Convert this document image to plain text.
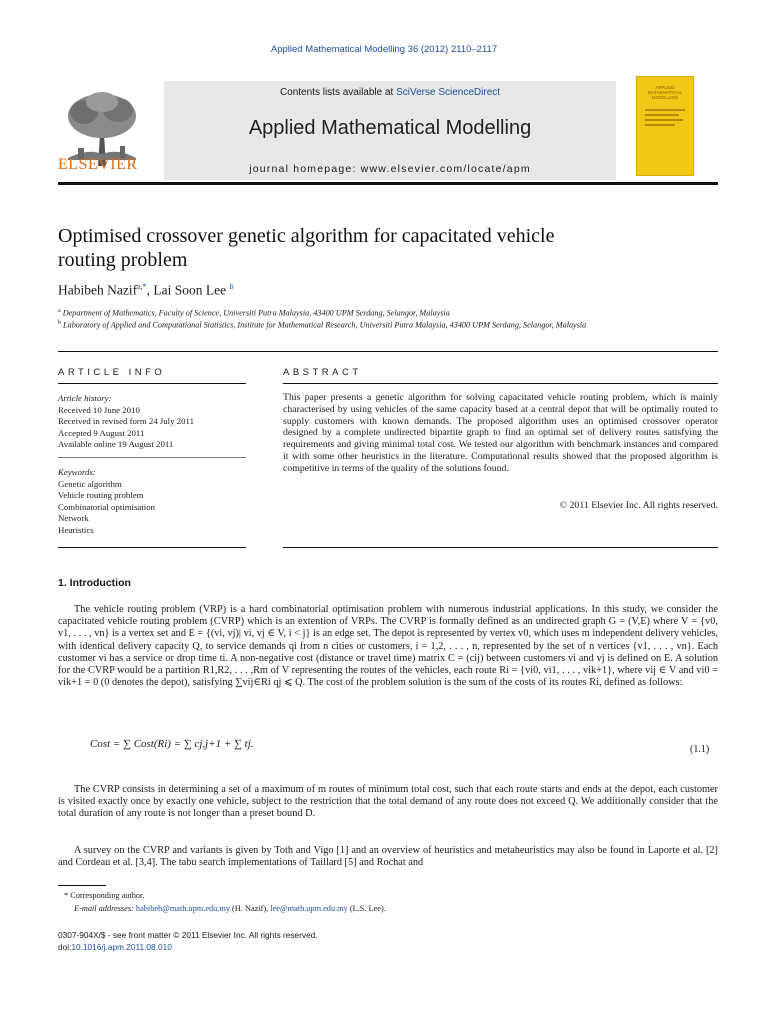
Applied Mathematical Modelling 36 (2012) 2110–2117
ELSEVIER
Contents lists available at SciVerse ScienceDirect
Applied Mathematical Modelling
journal homepage: www.elsevier.com/locate/apm
APPLIED MATHEMATICAL MODELLING
Optimised crossover genetic algorithm for capacitated vehicle
routing problem
Habibeh Nazif$^{a,*}$, Lai Soon Lee $^b$
$^a$ Department of Mathematics, Faculty of Science, Universiti Putra Malaysia, 43400 UPM Serdang, Selangor, Malaysia
$^b$ Laboratory of Applied and Computational Statistics, Institute for Mathematical Research, Universiti Putra Malaysia, 43400 UPM Serdang, Selangor, Malaysia
ARTICLE INFO	ABSTRACT
Article history:
Received 10 June 2010
Received in revised form 24 July 2011
Accepted 9 August 2011
Available online 19 August 2011
Keywords:
Genetic algorithm
Vehicle routing problem
Combinatorial optimisation
Network
Heuristics
This paper presents a genetic algorithm for solving capacitated vehicle routing problem, which is mainly characterised by using vehicles of the same capacity based at a central depot that will be optimally routed to supply customers with known demands. The proposed algorithm uses an optimised crossover operator designed by a complete undirected bipartite graph to find an optimal set of delivery routes satisfying the requirements and giving minimal total cost. We tested our algorithm with benchmark instances and compared it with some other heuristics in the literature. Computational results showed that the proposed algorithm is competitive in terms of the quality of the solutions found.
© 2011 Elsevier Inc. All rights reserved.
1. Introduction
The vehicle routing problem (VRP) is a hard combinatorial optimisation problem with numerous industrial applications. In this study, we consider the capacitated vehicle routing problem (CVRP) which is an extention of VRPs. The CVRP is formally defined as an undirected graph G = (V,E) where V = {v0, v1, . . . , vn} is a vertex set and E = {(vi, vj)| vi, vj ∈ V, i < j} is an edge set. The depot is represented by vertex v0, which uses m independent delivery vehicles, with identical delivery capacity Q, to service demands qi from n cities or customers, i = 1,2, . . . , n, represented by the set of n vertices {v1, . . . , vn}. Each customer vi has a service or drop time ti. A non-negative cost (distance or travel time) matrix C = (cij) between customers vi and vj is defined on E. A solution for the CVRP would be a partition R1,R2, . . . ,Rm of V representing the routes of the vehicles, each route Ri = {vi0, vi1, . . . , vik+1}, where vij ∈ V and vi0 = vik+1 = 0 (0 denotes the depot), satisfying ∑vij∈Ri qj ⩽ Q. The cost of the problem solution is the sum of the costs of its routes Ri, defined as follows:
Cost = ∑ Cost(Ri) = ∑ cj,j+1 + ∑ tj.	(1.1)
The CVRP consists in determining a set of a maximum of m routes of minimum total cost, such that each route starts and ends at the depot, each customer is visited exactly once by exactly one vehicle, subject to the restriction that the total demand of any route does not exceed Q. We additionally consider that the total duration of any route is not longer than a preset bound D.
A survey on the CVRP and variants is given by Toth and Vigo [1] and an overview of heuristics and metaheuristics may also be found in Laporte et al. [2] and Cordeau et al. [3,4]. The tabu search implementations of Taillard [5] and Rochat and
* Corresponding author.
E-mail addresses: habibeh@math.upm.edu.my (H. Nazif), lee@math.upm.edu.my (L.S. Lee).
0307-904X/$ - see front matter © 2011 Elsevier Inc. All rights reserved.
doi:10.1016/j.apm.2011.08.010
